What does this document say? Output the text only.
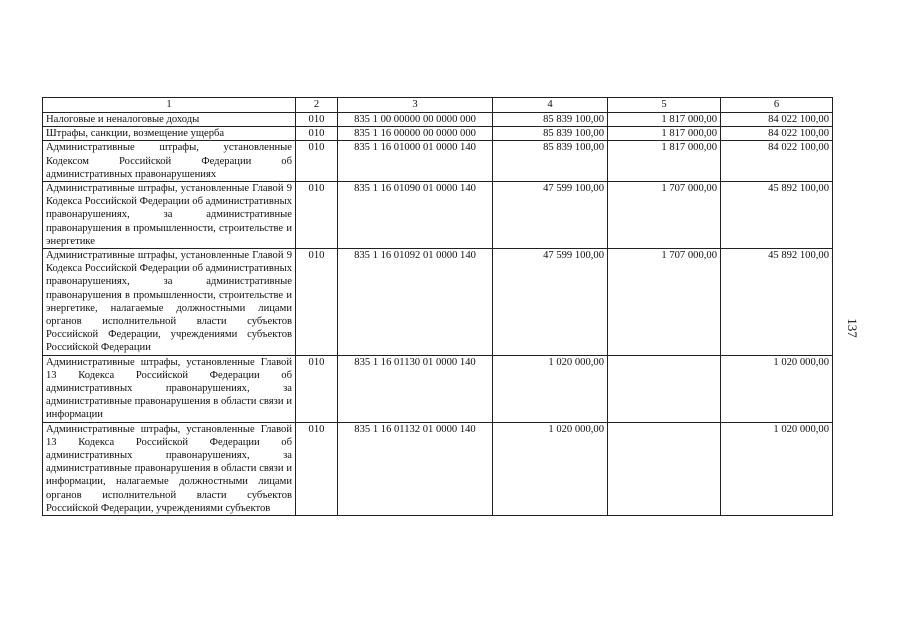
1	2	3	4	5	6
Налоговые и неналоговые доходы	010	835 1 00 00000 00 0000 000	85 839 100,00	1 817 000,00	84 022 100,00
Штрафы, санкции, возмещение ущерба	010	835 1 16 00000 00 0000 000	85 839 100,00	1 817 000,00	84 022 100,00
Административные штрафы, установленные Кодексом Российской Федерации об административных правонарушениях	010	835 1 16 01000 01 0000 140	85 839 100,00	1 817 000,00	84 022 100,00
Административные штрафы, установленные Главой 9 Кодекса Российской Федерации об административных правонарушениях, за административные правонарушения в промышленности, строительстве и энергетике	010	835 1 16 01090 01 0000 140	47 599 100,00	1 707 000,00	45 892 100,00
Административные штрафы, установленные Главой 9 Кодекса Российской Федерации об административных правонарушениях, за административные правонарушения в промышленности, строительстве и энергетике, налагаемые должностными лицами органов исполнительной власти субъектов Российской Федерации, учреждениями субъектов Российской Федерации	010	835 1 16 01092 01 0000 140	47 599 100,00	1 707 000,00	45 892 100,00
Административные штрафы, установленные Главой 13 Кодекса Российской Федерации об административных правонарушениях, за административные правонарушения в области связи и информации	010	835 1 16 01130 01 0000 140	1 020 000,00		1 020 000,00
Административные штрафы, установленные Главой 13 Кодекса Российской Федерации об административных правонарушениях, за административные правонарушения в области связи и информации, налагаемые должностными лицами органов исполнительной власти субъектов Российской Федерации, учреждениями субъектов	010	835 1 16 01132 01 0000 140	1 020 000,00		1 020 000,00
137
